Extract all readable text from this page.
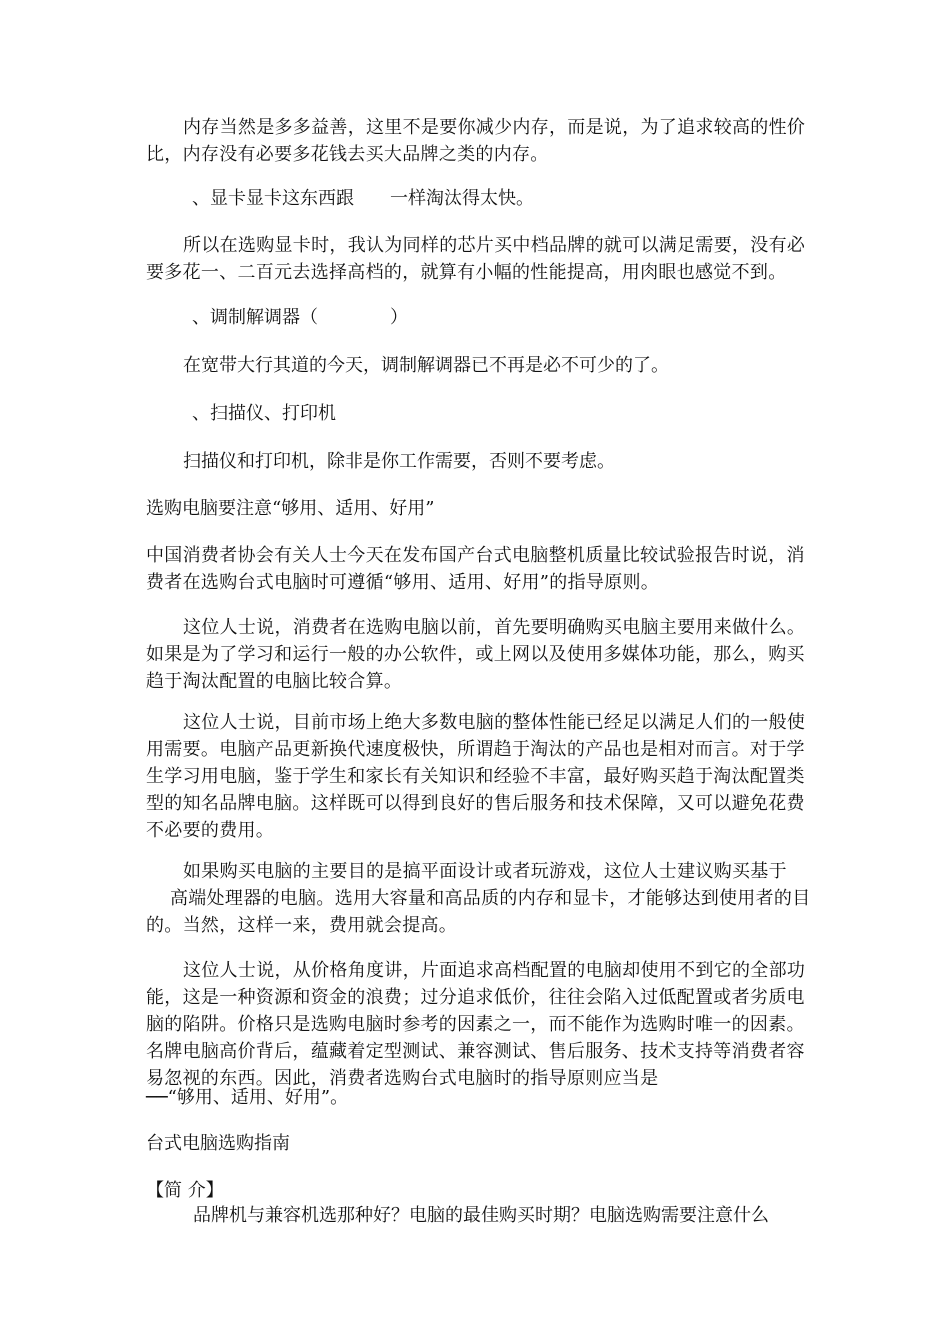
内存当然是多多益善，这里不是要你减少内存，而是说，为了追求较高的性价比，内存没有必要多花钱去买大品牌之类的内存。
、显卡显卡这东西跟　　一样淘汰得太快。
所以在选购显卡时，我认为同样的芯片买中档品牌的就可以满足需要，没有必要多花一、二百元去选择高档的，就算有小幅的性能提高，用肉眼也感觉不到。
、调制解调器（　　　　）
在宽带大行其道的今天，调制解调器已不再是必不可少的了。
、扫描仪、打印机
扫描仪和打印机，除非是你工作需要，否则不要考虑。
选购电脑要注意“够用、适用、好用”
中国消费者协会有关人士今天在发布国产台式电脑整机质量比较试验报告时说，消费者在选购台式电脑时可遵循“够用、适用、好用”的指导原则。
这位人士说，消费者在选购电脑以前，首先要明确购买电脑主要用来做什么。如果是为了学习和运行一般的办公软件，或上网以及使用多媒体功能，那么，购买趋于淘汰配置的电脑比较合算。
这位人士说，目前市场上绝大多数电脑的整体性能已经足以满足人们的一般使用需要。电脑产品更新换代速度极快，所谓趋于淘汰的产品也是相对而言。对于学生学习用电脑，鉴于学生和家长有关知识和经验不丰富，最好购买趋于淘汰配置类型的知名品牌电脑。这样既可以得到良好的售后服务和技术保障，又可以避免花费不必要的费用。
如果购买电脑的主要目的是搞平面设计或者玩游戏，这位人士建议购买基于
高端处理器的电脑。选用大容量和高品质的内存和显卡，才能够达到使用者的目的。当然，这样一来，费用就会提高。
这位人士说，从价格角度讲，片面追求高档配置的电脑却使用不到它的全部功能，这是一种资源和资金的浪费；过分追求低价，往往会陷入过低配置或者劣质电脑的陷阱。价格只是选购电脑时参考的因素之一，而不能作为选购时唯一的因素。名牌电脑高价背后，蕴藏着定型测试、兼容测试、售后服务、技术支持等消费者容易忽视的东西。因此，消费者选购台式电脑时的指导原则应当是
──“够用、适用、好用”。
台式电脑选购指南
【简 介】
品牌机与兼容机选那种好？电脑的最佳购买时期？电脑选购需要注意什么
